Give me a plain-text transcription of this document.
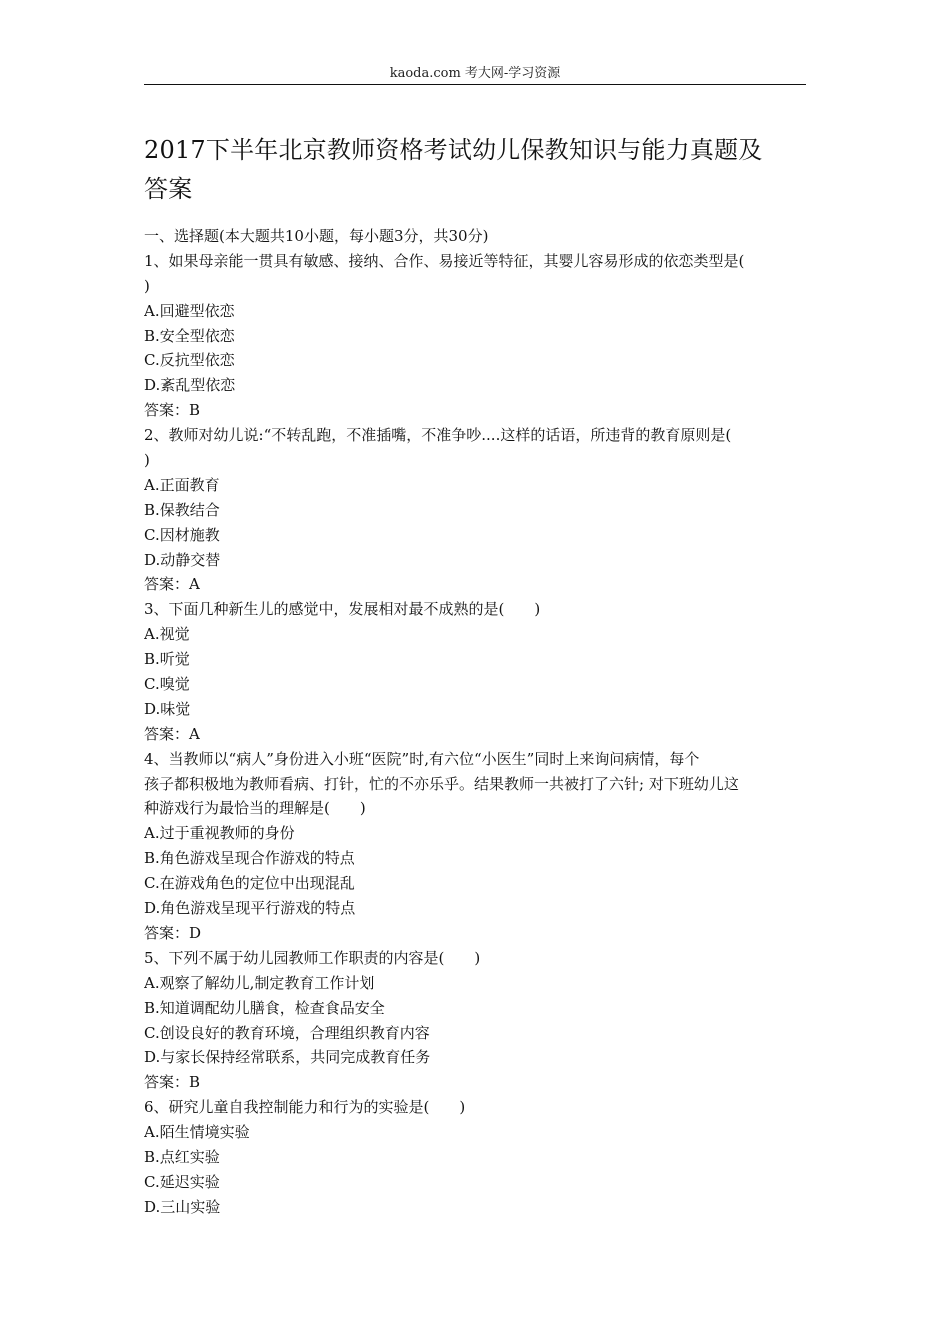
kaoda.com 考大网-学习资源
2017下半年北京教师资格考试幼儿保教知识与能力真题及
答案
一、选择题(本大题共10小题，每小题3分，共30分)
1、如果母亲能一贯具有敏感、接纳、合作、易接近等特征，其婴儿容易形成的依恋类型是(
)
A.回避型依恋
B.安全型依恋
C.反抗型依恋
D.紊乱型依恋
答案：B
2、教师对幼儿说:“不转乱跑，不准插嘴，不准争吵....这样的话语，所违背的教育原则是(
)
A.正面教育
B.保教结合
C.因材施教
D.动静交替
答案：A
3、下面几种新生儿的感觉中，发展相对最不成熟的是(　　)
A.视觉
B.听觉
C.嗅觉
D.味觉
答案：A
4、当教师以“病人”身份进入小班“医院”时,有六位“小医生”同时上来询问病情，每个
孩子都积极地为教师看病、打针，忙的不亦乐乎。结果教师一共被打了六针; 对下班幼儿这
种游戏行为最恰当的理解是(　　)
A.过于重视教师的身份
B.角色游戏呈现合作游戏的特点
C.在游戏角色的定位中出现混乱
D.角色游戏呈现平行游戏的特点
答案：D
5、下列不属于幼儿园教师工作职责的内容是(　　)
A.观察了解幼儿,制定教育工作计划
B.知道调配幼儿膳食，检查食品安全
C.创设良好的教育环境，合理组织教育内容
D.与家长保持经常联系，共同完成教育任务
答案：B
6、研究儿童自我控制能力和行为的实验是(　　)
A.陌生情境实验
B.点红实验
C.延迟实验
D.三山实验
